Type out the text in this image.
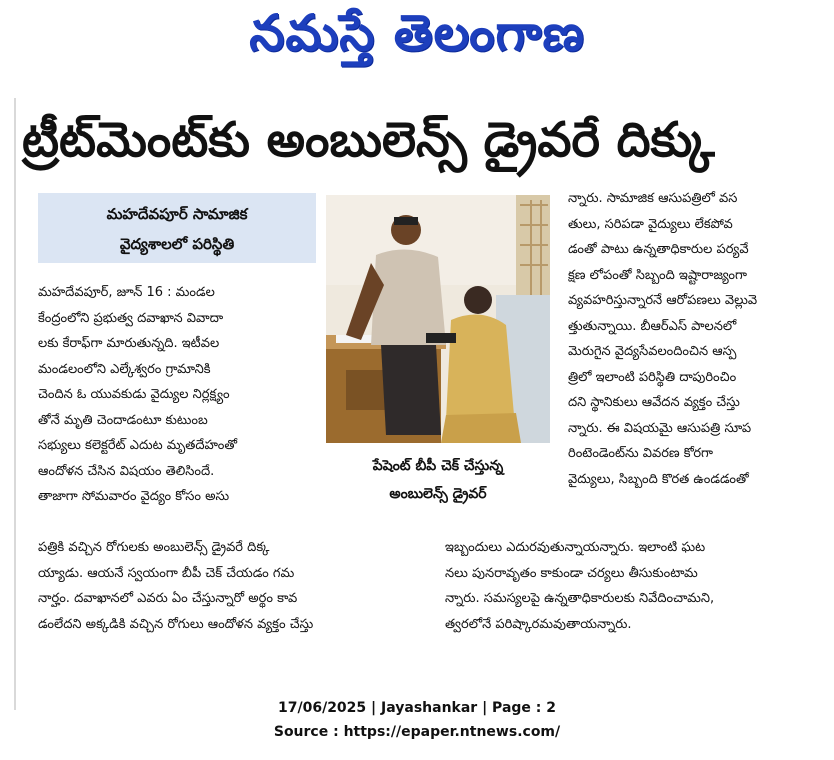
నమస్తే తెలంగాణ
ట్రీట్‌మెంట్‌కు అంబులెన్స్ డ్రైవరే దిక్కు
మహదేవపూర్ సామాజిక
వైద్యశాలలో పరిస్థితి
పేషెంట్ బీపీ చెక్ చేస్తున్న
అంబులెన్స్ డ్రైవర్
మహదేవపూర్, జూన్ 16 : మండల
కేంద్రంలోని ప్రభుత్వ దవాఖాన వివాదా
లకు కేరాఫ్‌గా మారుతున్నది. ఇటీవల
మండలంలోని ఎల్కేశ్వరం గ్రామానికి
చెందిన ఓ యువకుడు వైద్యుల నిర్లక్ష్యం
తోనే మృతి చెందాడంటూ కుటుంబ
సభ్యులు కలెక్టరేట్ ఎదుట మృతదేహంతో
ఆందోళన చేసిన విషయం తెలిసిందే.
తాజాగా సోమవారం వైద్యం కోసం అసు
న్నారు. సామాజిక ఆసుపత్రిలో వస
తులు, సరిపడా వైద్యులు లేకపోవ
డంతో పాటు ఉన్నతాధికారుల పర్యవే
క్షణ లోపంతో సిబ్బంది ఇష్టారాజ్యంగా
వ్యవహరిస్తున్నారనే ఆరోపణలు వెల్లువె
త్తుతున్నాయి. బీఆర్‌ఎస్ పాలనలో
మెరుగైన వైద్యసేవలందించిన ఆస్ప
త్రిలో ఇలాంటి పరిస్థితి దాపురించిం
దని స్థానికులు ఆవేదన వ్యక్తం చేస్తు
న్నారు. ఈ విషయమై ఆసుపత్రి సూప
రింటెండెంట్‌ను వివరణ కోరగా
వైద్యులు, సిబ్బంది కొరత ఉండడంతో
పత్రికి వచ్చిన రోగులకు అంబులెన్స్ డ్రైవరే దిక్క
య్యాడు. ఆయనే స్వయంగా బీపీ చెక్ చేయడం గమ
నార్హం. దవాఖానలో ఎవరు ఏం చేస్తున్నారో అర్థం కావ
డంలేదని అక్కడికి వచ్చిన రోగులు ఆందోళన వ్యక్తం చేస్తు
ఇబ్బందులు ఎదురవుతున్నాయన్నారు. ఇలాంటి ఘట
నలు పునరావృతం కాకుండా చర్యలు తీసుకుంటామ
న్నారు. సమస్యలపై ఉన్నతాధికారులకు నివేదించామని,
త్వరలోనే పరిష్కారమవుతాయన్నారు.
17/06/2025 | Jayashankar | Page : 2
Source : https://epaper.ntnews.com/
